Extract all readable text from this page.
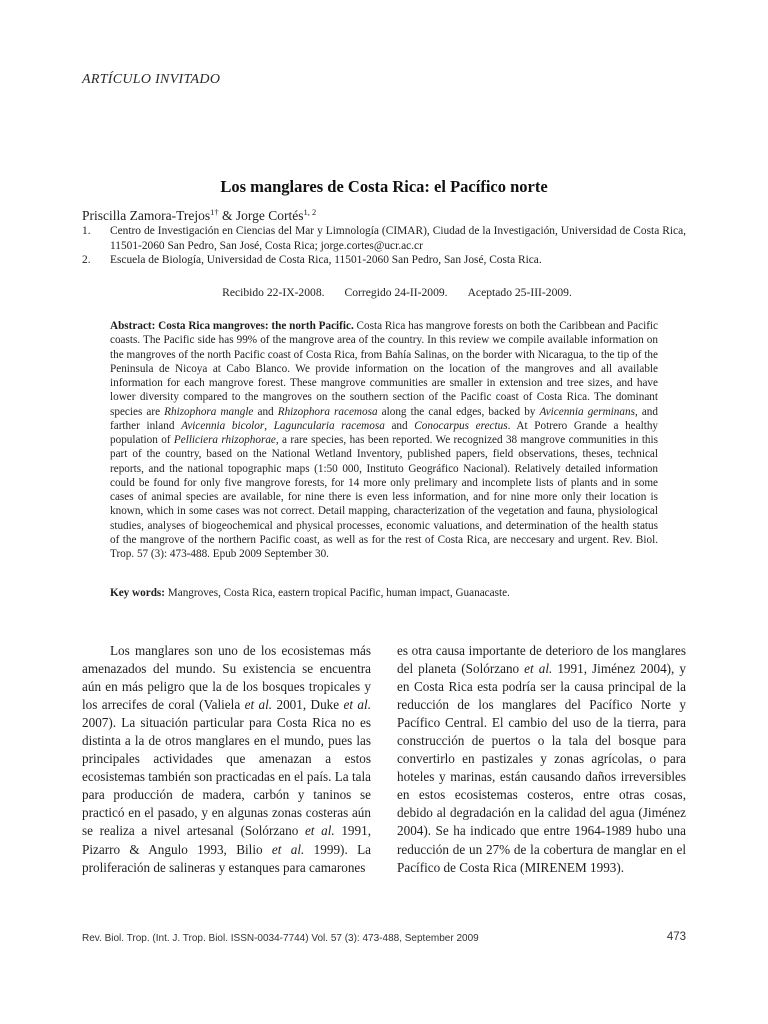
ARTÍCULO INVITADO
Los manglares de Costa Rica: el Pacífico norte
Priscilla Zamora-Trejos$^{1\dagger}$ & Jorge Cortés$^{1, 2}$
1.	Centro de Investigación en Ciencias del Mar y Limnología (CIMAR), Ciudad de la Investigación, Universidad de Costa Rica, 11501-2060 San Pedro, San José, Costa Rica; jorge.cortes@ucr.ac.cr
2.	Escuela de Biología, Universidad de Costa Rica, 11501-2060 San Pedro, San José, Costa Rica.
Recibido 22-IX-2008. Corregido 24-II-2009. Aceptado 25-III-2009.
Abstract: Costa Rica mangroves: the north Pacific. Costa Rica has mangrove forests on both the Caribbean and Pacific coasts. The Pacific side has 99% of the mangrove area of the country. In this review we compile available information on the mangroves of the north Pacific coast of Costa Rica, from Bahía Salinas, on the border with Nicaragua, to the tip of the Peninsula de Nicoya at Cabo Blanco. We provide information on the location of the mangroves and all available information for each mangrove forest. These mangrove communities are smaller in extension and tree sizes, and have lower diversity compared to the mangroves on the southern section of the Pacific coast of Costa Rica. The dominant species are Rhizophora mangle and Rhizophora racemosa along the canal edges, backed by Avicennia germinans, and farther inland Avicennia bicolor, Laguncularia racemosa and Conocarpus erectus. At Potrero Grande a healthy population of Pelliciera rhizophorae, a rare species, has been reported. We recognized 38 mangrove communities in this part of the country, based on the National Wetland Inventory, published papers, field observations, theses, technical reports, and the national topographic maps (1:50 000, Instituto Geográfico Nacional). Relatively detailed information could be found for only five mangrove forests, for 14 more only prelimary and incomplete lists of plants and in some cases of animal species are available, for nine there is even less information, and for nine more only their location is known, which in some cases was not correct. Detail mapping, characterization of the vegetation and fauna, physiological studies, analyses of biogeochemical and physical processes, economic valuations, and determination of the health status of the mangrove of the northern Pacific coast, as well as for the rest of Costa Rica, are neccesary and urgent. Rev. Biol. Trop. 57 (3): 473-488. Epub 2009 September 30.
Key words: Mangroves, Costa Rica, eastern tropical Pacific, human impact, Guanacaste.
Los manglares son uno de los ecosistemas más amenazados del mundo. Su existencia se encuentra aún en más peligro que la de los bosques tropicales y los arrecifes de coral (Valiela et al. 2001, Duke et al. 2007). La situación particular para Costa Rica no es distinta a la de otros manglares en el mundo, pues las principales actividades que amenazan a estos ecosistemas también son practicadas en el país. La tala para producción de madera, carbón y taninos se practicó en el pasado, y en algunas zonas costeras aún se realiza a nivel artesanal (Solórzano et al. 1991, Pizarro & Angulo 1993, Bilio et al. 1999). La proliferación de salineras y estanques para camarones
es otra causa importante de deterioro de los manglares del planeta (Solórzano et al. 1991, Jiménez 2004), y en Costa Rica esta podría ser la causa principal de la reducción de los manglares del Pacífico Norte y Pacífico Central. El cambio del uso de la tierra, para construcción de puertos o la tala del bosque para convertirlo en pastizales y zonas agrícolas, o para hoteles y marinas, están causando daños irreversibles en estos ecosistemas costeros, entre otras cosas, debido al degradación en la calidad del agua (Jiménez 2004). Se ha indicado que entre 1964-1989 hubo una reducción de un 27% de la cobertura de manglar en el Pacífico de Costa Rica (MIRENEM 1993).
Rev. Biol. Trop. (Int. J. Trop. Biol. ISSN-0034-7744) Vol. 57 (3): 473-488, September 2009	473
